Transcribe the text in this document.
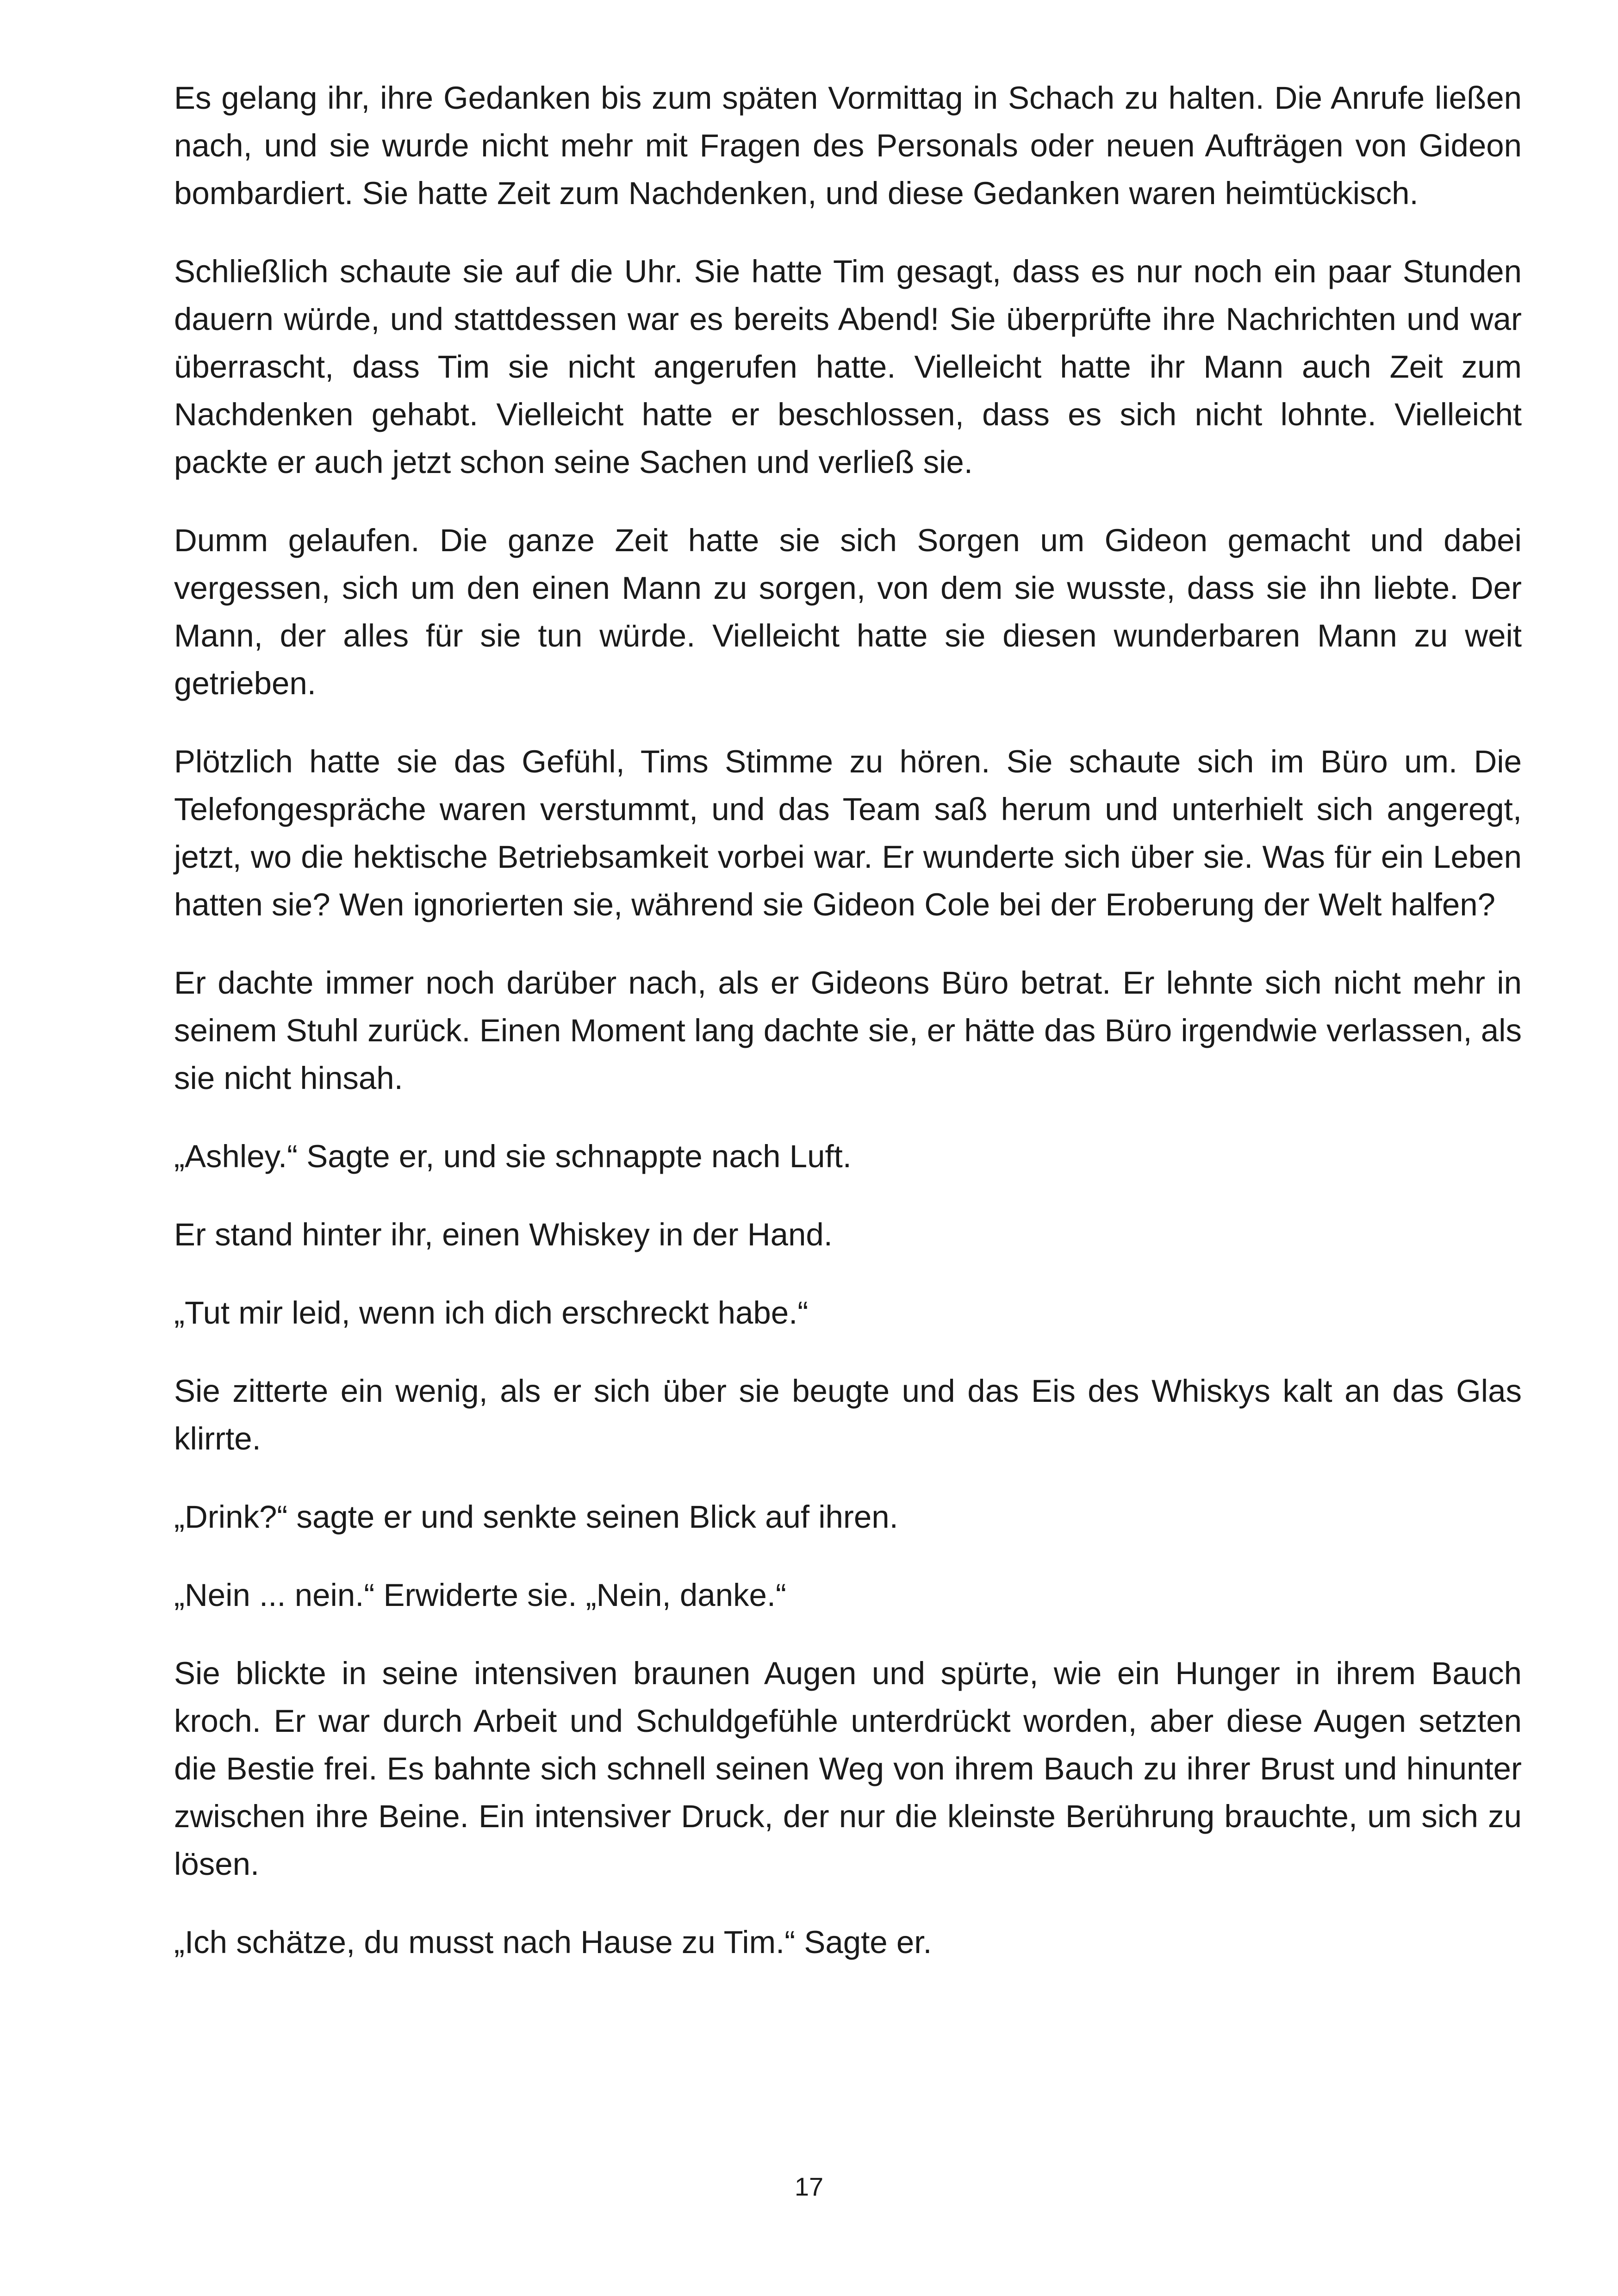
Es gelang ihr, ihre Gedanken bis zum späten Vormittag in Schach zu halten. Die Anrufe ließen nach, und sie wurde nicht mehr mit Fragen des Personals oder neuen Aufträgen von Gideon bombardiert. Sie hatte Zeit zum Nachdenken, und diese Gedanken waren heimtückisch.

Schließlich schaute sie auf die Uhr. Sie hatte Tim gesagt, dass es nur noch ein paar Stunden dauern würde, und stattdessen war es bereits Abend! Sie überprüfte ihre Nachrichten und war überrascht, dass Tim sie nicht angerufen hatte. Vielleicht hatte ihr Mann auch Zeit zum Nachdenken gehabt. Vielleicht hatte er beschlossen, dass es sich nicht lohnte. Vielleicht packte er auch jetzt schon seine Sachen und verließ sie.

Dumm gelaufen. Die ganze Zeit hatte sie sich Sorgen um Gideon gemacht und dabei vergessen, sich um den einen Mann zu sorgen, von dem sie wusste, dass sie ihn liebte. Der Mann, der alles für sie tun würde. Vielleicht hatte sie diesen wunderbaren Mann zu weit getrieben.

Plötzlich hatte sie das Gefühl, Tims Stimme zu hören. Sie schaute sich im Büro um. Die Telefongespräche waren verstummt, und das Team saß herum und unterhielt sich angeregt, jetzt, wo die hektische Betriebsamkeit vorbei war. Er wunderte sich über sie. Was für ein Leben hatten sie? Wen ignorierten sie, während sie Gideon Cole bei der Eroberung der Welt halfen?

Er dachte immer noch darüber nach, als er Gideons Büro betrat. Er lehnte sich nicht mehr in seinem Stuhl zurück. Einen Moment lang dachte sie, er hätte das Büro irgendwie verlassen, als sie nicht hinsah.

„Ashley.“ Sagte er, und sie schnappte nach Luft.

Er stand hinter ihr, einen Whiskey in der Hand.

„Tut mir leid, wenn ich dich erschreckt habe.“

Sie zitterte ein wenig, als er sich über sie beugte und das Eis des Whiskys kalt an das Glas klirrte.

„Drink?“ sagte er und senkte seinen Blick auf ihren.

„Nein ... nein.“ Erwiderte sie. „Nein, danke.“

Sie blickte in seine intensiven braunen Augen und spürte, wie ein Hunger in ihrem Bauch kroch. Er war durch Arbeit und Schuldgefühle unterdrückt worden, aber diese Augen setzten die Bestie frei. Es bahnte sich schnell seinen Weg von ihrem Bauch zu ihrer Brust und hinunter zwischen ihre Beine. Ein intensiver Druck, der nur die kleinste Berührung brauchte, um sich zu lösen.

„Ich schätze, du musst nach Hause zu Tim.“ Sagte er.

17
